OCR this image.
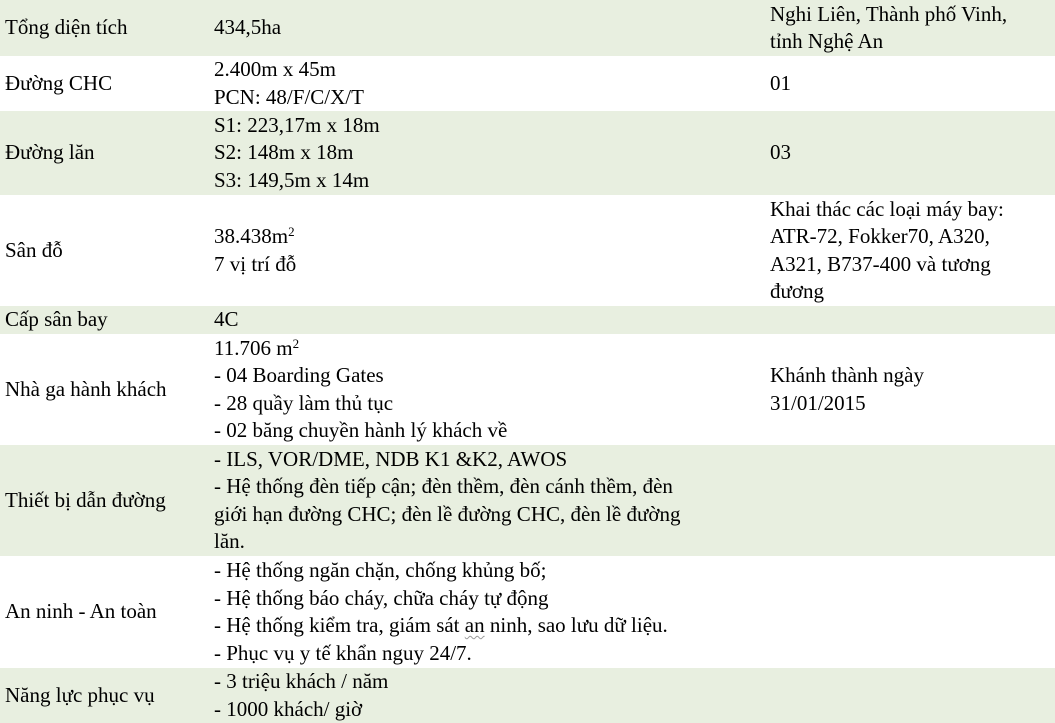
Tổng diện tích	434,5ha	Nghi Liên, Thành phố Vinh,
tỉnh Nghệ An

Đường CHC	2.400m x 45m
PCN: 48/F/C/X/T	01

Đường lăn	S1: 223,17m x 18m
S2: 148m x 18m
S3: 149,5m x 14m	03

Sân đỗ	$38.438m^2$
7 vị trí đỗ	Khai thác các loại máy bay:
ATR-72, Fokker70, A320,
A321, B737-400 và tương
đương

Cấp sân bay	4C	

Nhà ga hành khách	11.706 $m^2$
- 04 Boarding Gates
- 28 quầy làm thủ tục
- 02 băng chuyền hành lý khách về	Khánh thành ngày
31/01/2015

Thiết bị dẫn đường	- ILS, VOR/DME, NDB K1 &K2, AWOS
- Hệ thống đèn tiếp cận; đèn thềm, đèn cánh thềm, đèn
giới hạn đường CHC; đèn lề đường CHC, đèn lề đường
lăn.	

An ninh - An toàn	- Hệ thống ngăn chặn, chống khủng bố;
- Hệ thống báo cháy, chữa cháy tự động
- Hệ thống kiểm tra, giám sát an ninh, sao lưu dữ liệu.
- Phục vụ y tế khẩn nguy 24/7.	

Năng lực phục vụ	- 3 triệu khách / năm
- 1000 khách/ giờ	
